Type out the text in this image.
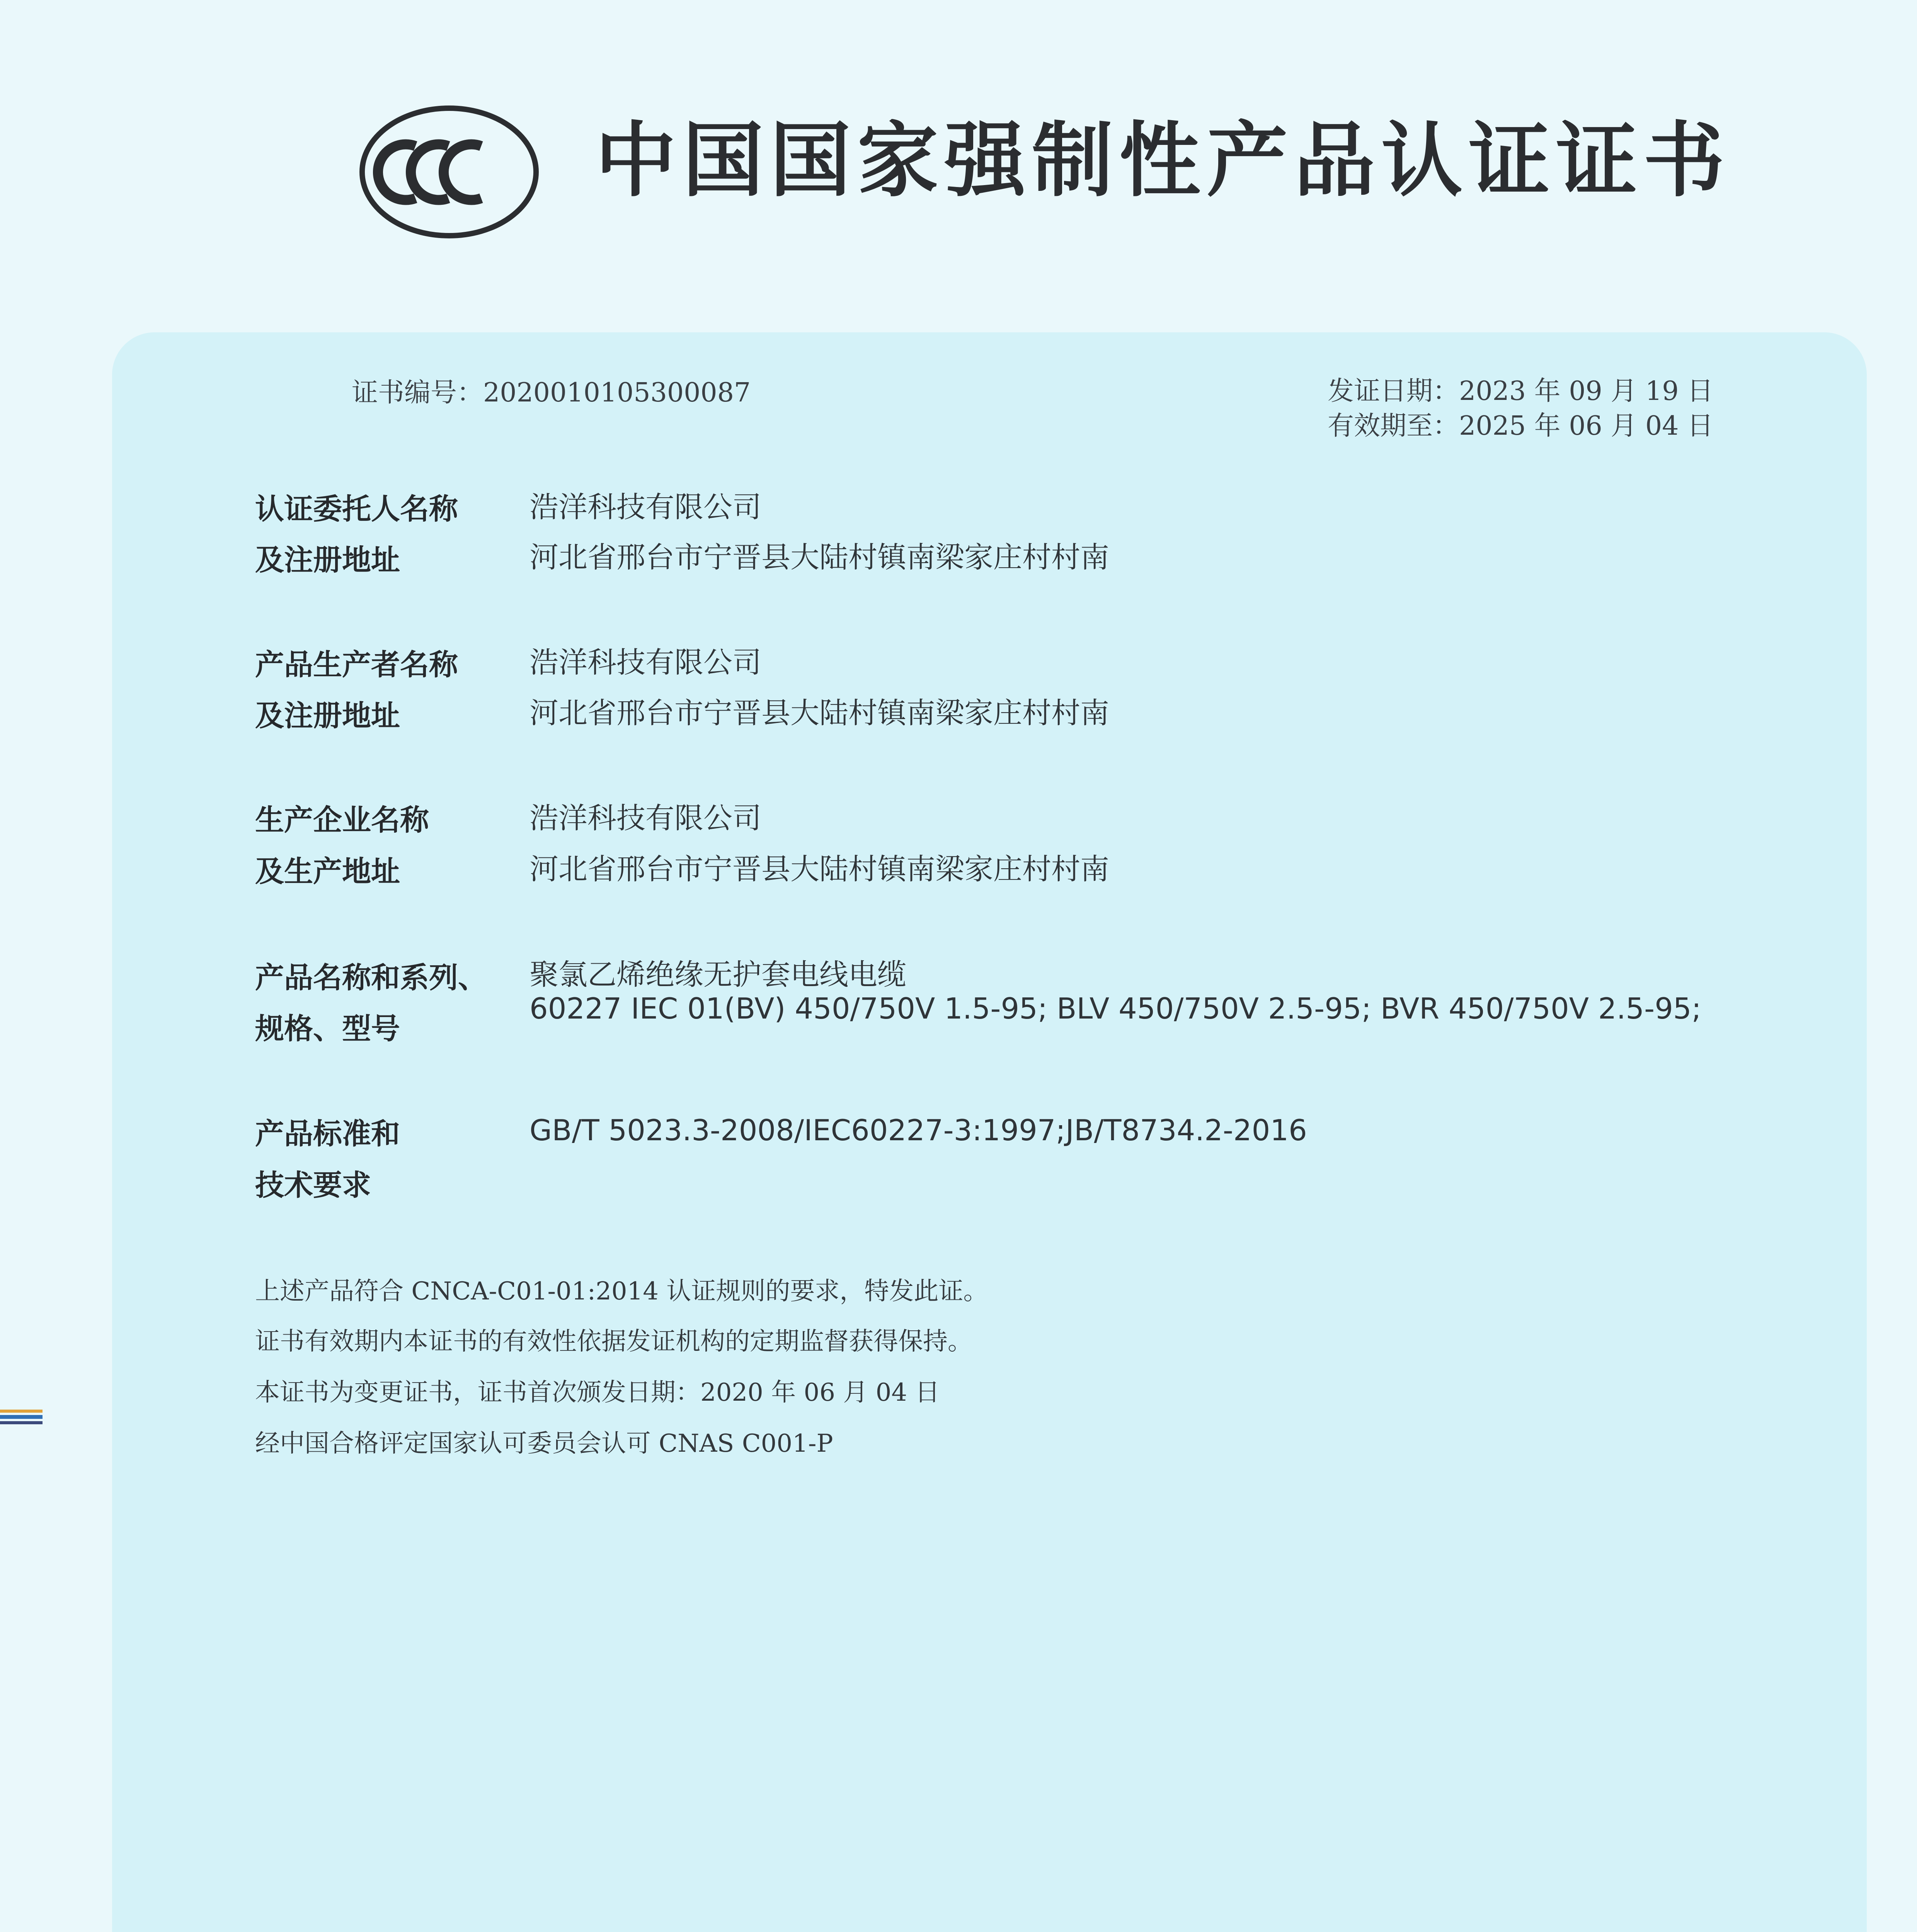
中国国家强制性产品认证证书
证书编号：2020010105300087	发证日期：2023 年 09 月 19 日
有效期至：2025 年 06 月 04 日
认证委托人名称
及注册地址
浩洋科技有限公司
河北省邢台市宁晋县大陆村镇南梁家庄村村南
产品生产者名称
及注册地址
浩洋科技有限公司
河北省邢台市宁晋县大陆村镇南梁家庄村村南
生产企业名称
及生产地址
浩洋科技有限公司
河北省邢台市宁晋县大陆村镇南梁家庄村村南
产品名称和系列、
规格、型号
聚氯乙烯绝缘无护套电线电缆
60227 IEC 01(BV) 450/750V 1.5-95; BLV 450/750V 2.5-95; BVR 450/750V 2.5-95;
产品标准和
技术要求
GB/T 5023.3-2008/IEC60227-3:1997;JB/T8734.2-2016
上述产品符合 CNCA-C01-01:2014 认证规则的要求，特发此证。
证书有效期内本证书的有效性依据发证机构的定期监督获得保持。
本证书为变更证书，证书首次颁发日期：2020 年 06 月 04 日
经中国合格评定国家认可委员会认可 CNAS C001-P
